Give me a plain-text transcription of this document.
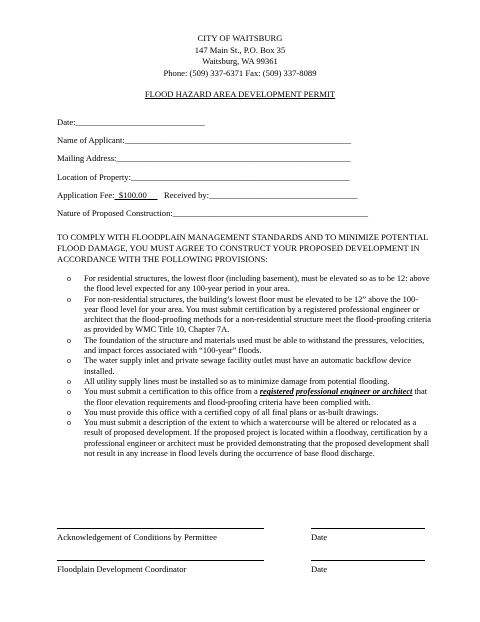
CITY OF WAITSBURG
147 Main St., P.O. Box 35
Waitsburg, WA 99361
Phone: (509) 337-6371 Fax: (509) 337-8089
FLOOD HAZARD AREA DEVELOPMENT PERMIT
Date:_________________________________
Name of Applicant:__________________________________________________________
Mailing Address:____________________________________________________________
Location of Property:________________________________________________________
Application Fee: $100.00 Received by:______________________________________
Nature of Proposed Construction:__________________________________________________
TO COMPLY WITH FLOODPLAIN MANAGEMENT STANDARDS AND TO MINIMIZE POTENTIAL FLOOD DAMAGE, YOU MUST AGREE TO CONSTRUCT YOUR PROPOSED DEVELOPMENT IN ACCORDANCE WITH THE FOLLOWING PROVISIONS:
o For residential structures, the lowest floor (including basement), must be elevated so as to be 12: above the flood level expected for any 100-year period in your area.
o For non-residential structures, the building’s lowest floor must be elevated to be 12” above the 100-year flood level for your area. You must submit certification by a registered professional engineer or architect that the flood-proofing methods for a non-residential structure meet the flood-proofing criteria as provided by WMC Title 10, Chapter 7A.
o The foundation of the structure and materials used must be able to withstand the pressures, velocities, and impact forces associated with “100-year” floods.
o The water supply inlet and private sewage facility outlet must have an automatic backflow device installed.
o All utility supply lines must be installed so as to minimize damage from potential flooding.
o You must submit a certification to this office from a registered professional engineer or architect that the floor elevation requirements and flood-proofing criteria have been complied with.
o You must provide this office with a certified copy of all final plans or as-built drawings.
o You must submit a description of the extent to which a watercourse will be altered or relocated as a result of proposed development. If the proposed project is located within a floodway, certification by a professional engineer or architect must be provided demonstrating that the proposed development shall not result in any increase in flood levels during the occurrence of base flood discharge.
Acknowledgement of Conditions by Permittee	Date
Floodplain Development Coordinator	Date
